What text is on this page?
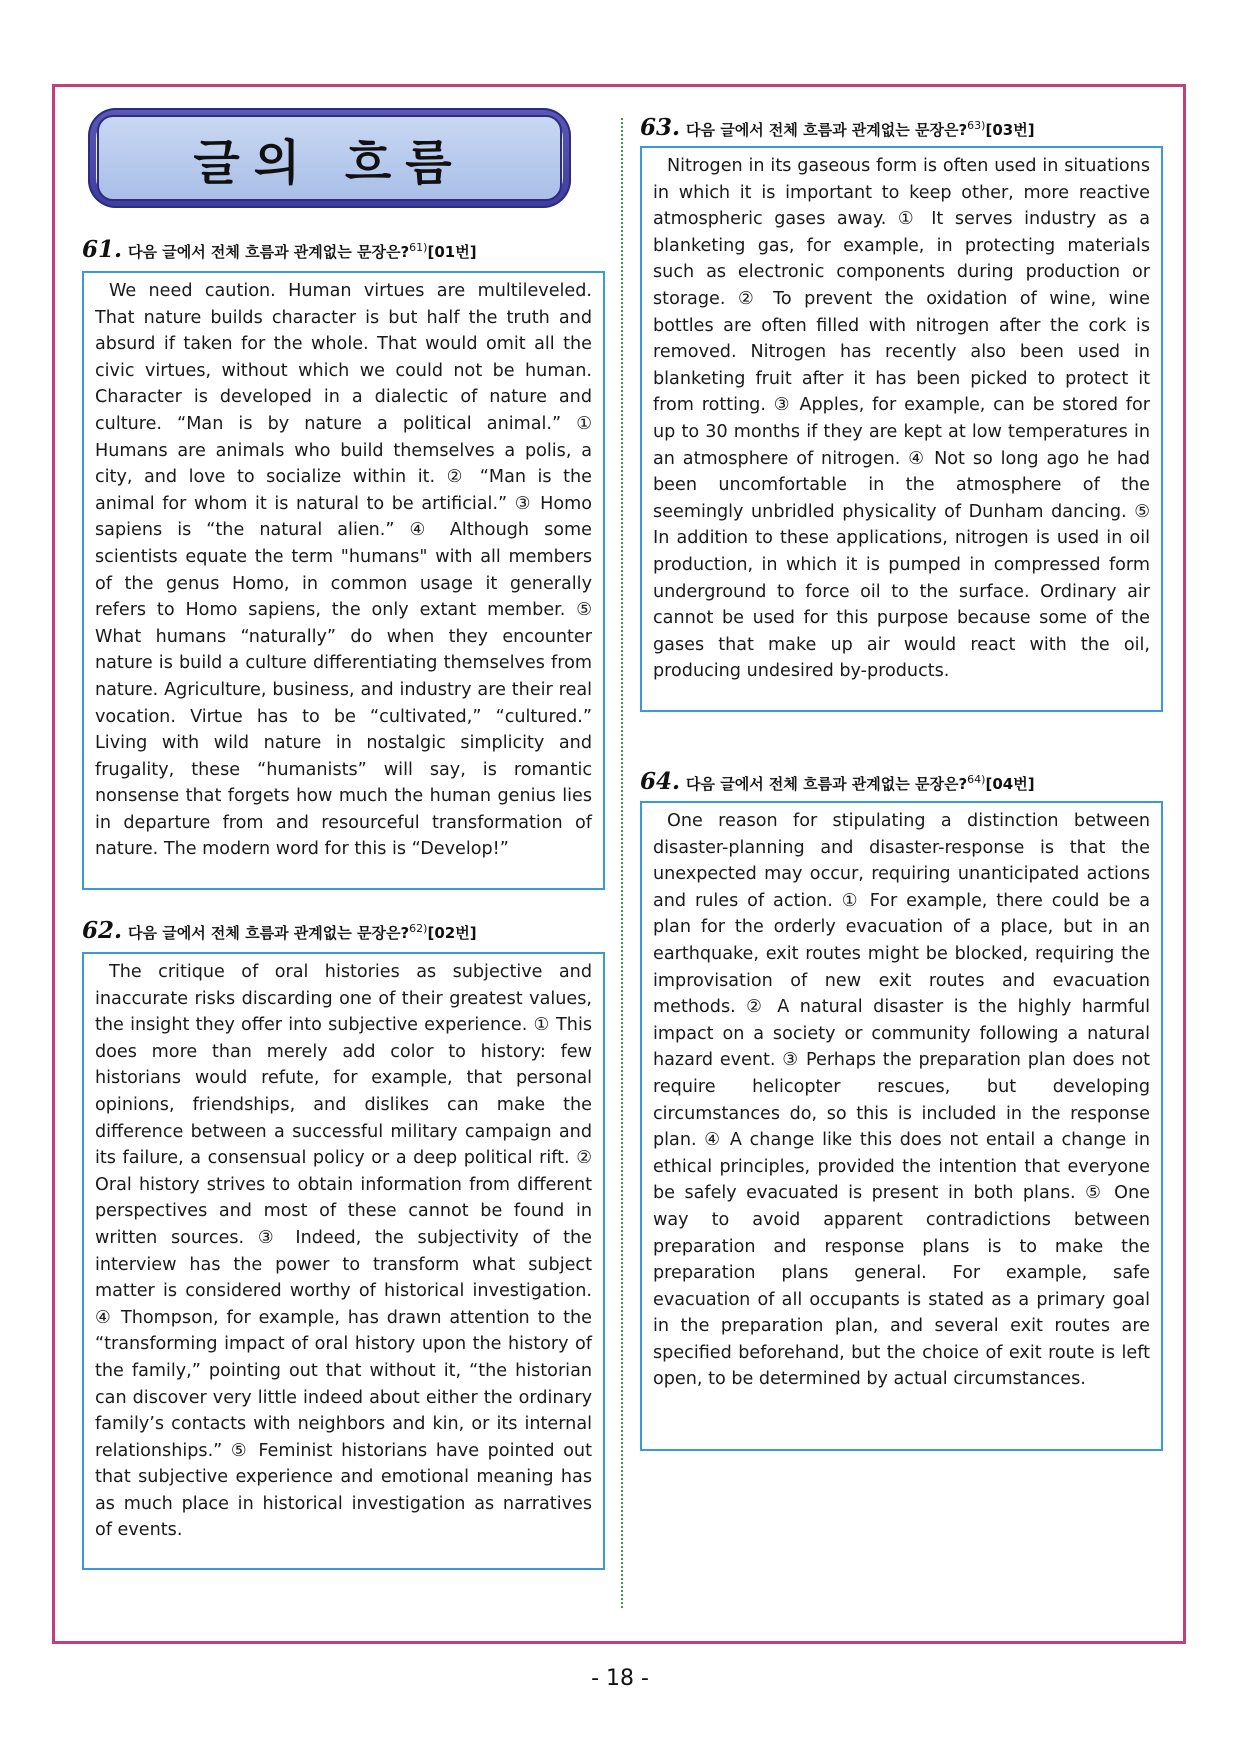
글의 흐름
61. 다음 글에서 전체 흐름과 관계없는 문장은?$^{61)}$[01번]

We need caution. Human virtues are multileveled. That nature builds character is but half the truth and absurd if taken for the whole. That would omit all the civic virtues, without which we could not be human. Character is developed in a dialectic of nature and culture. “Man is by nature a political animal.” ① Humans are animals who build themselves a polis, a city, and love to socialize within it. ② “Man is the animal for whom it is natural to be artificial.” ③ Homo sapiens is “the natural alien.” ④ Although some scientists equate the term "humans" with all members of the genus Homo, in common usage it generally refers to Homo sapiens, the only extant member. ⑤ What humans “naturally” do when they encounter nature is build a culture differentiating themselves from nature. Agriculture, business, and industry are their real vocation. Virtue has to be “cultivated,” “cultured.” Living with wild nature in nostalgic simplicity and frugality, these “humanists” will say, is romantic nonsense that forgets how much the human genius lies in departure from and resourceful transformation of nature. The modern word for this is “Develop!”

62. 다음 글에서 전체 흐름과 관계없는 문장은?$^{62)}$[02번]

The critique of oral histories as subjective and inaccurate risks discarding one of their greatest values, the insight they offer into subjective experience. ① This does more than merely add color to history: few historians would refute, for example, that personal opinions, friendships, and dislikes can make the difference between a successful military campaign and its failure, a consensual policy or a deep political rift. ② Oral history strives to obtain information from different perspectives and most of these cannot be found in written sources. ③ Indeed, the subjectivity of the interview has the power to transform what subject matter is considered worthy of historical investigation. ④ Thompson, for example, has drawn attention to the “transforming impact of oral history upon the history of the family,” pointing out that without it, “the historian can discover very little indeed about either the ordinary family’s contacts with neighbors and kin, or its internal relationships.” ⑤ Feminist historians have pointed out that subjective experience and emotional meaning has as much place in historical investigation as narratives of events.

63. 다음 글에서 전체 흐름과 관계없는 문장은?$^{63)}$[03번]

Nitrogen in its gaseous form is often used in situations in which it is important to keep other, more reactive atmospheric gases away. ① It serves industry as a blanketing gas, for example, in protecting materials such as electronic components during production or storage. ② To prevent the oxidation of wine, wine bottles are often filled with nitrogen after the cork is removed. Nitrogen has recently also been used in blanketing fruit after it has been picked to protect it from rotting. ③ Apples, for example, can be stored for up to 30 months if they are kept at low temperatures in an atmosphere of nitrogen. ④ Not so long ago he had been uncomfortable in the atmosphere of the seemingly unbridled physicality of Dunham dancing. ⑤ In addition to these applications, nitrogen is used in oil production, in which it is pumped in compressed form underground to force oil to the surface. Ordinary air cannot be used for this purpose because some of the gases that make up air would react with the oil, producing undesired by-products.

64. 다음 글에서 전체 흐름과 관계없는 문장은?$^{64)}$[04번]

One reason for stipulating a distinction between disaster-planning and disaster-response is that the unexpected may occur, requiring unanticipated actions and rules of action. ① For example, there could be a plan for the orderly evacuation of a place, but in an earthquake, exit routes might be blocked, requiring the improvisation of new exit routes and evacuation methods. ② A natural disaster is the highly harmful impact on a society or community following a natural hazard event. ③ Perhaps the preparation plan does not require helicopter rescues, but developing circumstances do, so this is included in the response plan. ④ A change like this does not entail a change in ethical principles, provided the intention that everyone be safely evacuated is present in both plans. ⑤ One way to avoid apparent contradictions between preparation and response plans is to make the preparation plans general. For example, safe evacuation of all occupants is stated as a primary goal in the preparation plan, and several exit routes are specified beforehand, but the choice of exit route is left open, to be determined by actual circumstances.

- 18 -
